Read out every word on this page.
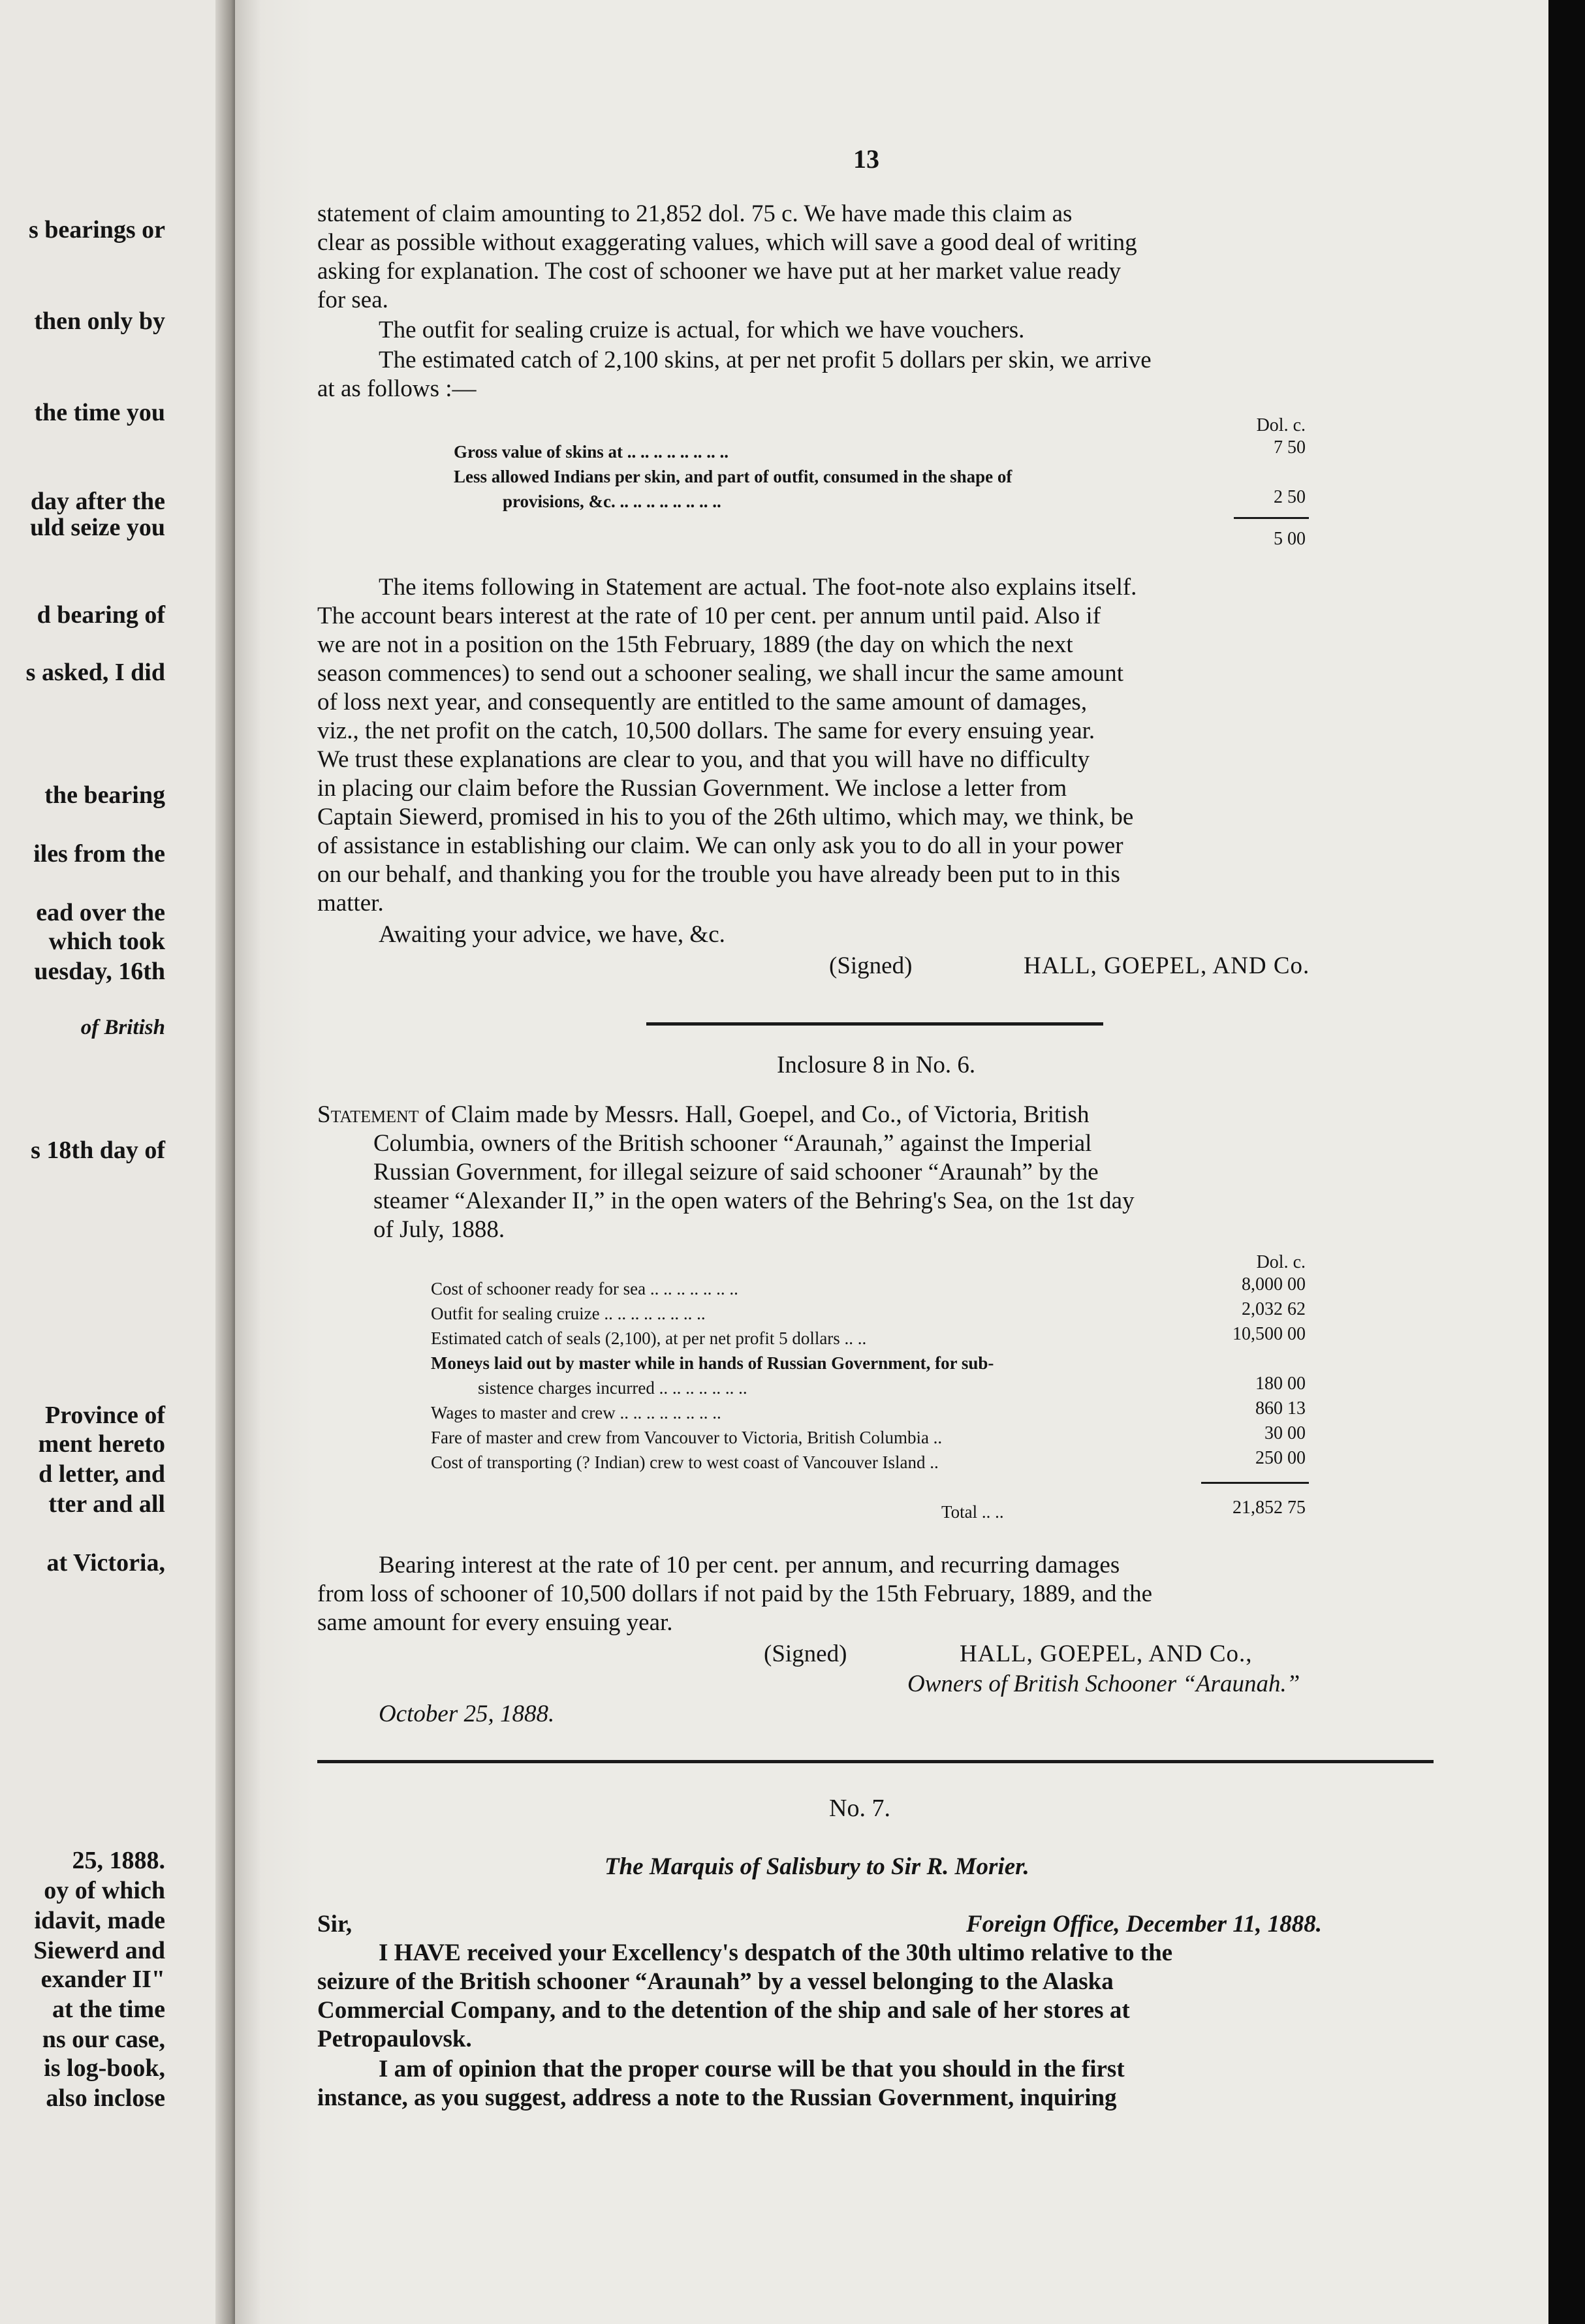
s bearings or
then only by
the time you
day after the
uld seize you
d bearing of
s asked, I did
the bearing
iles from the
ead over the
which took
uesday, 16th
of British
s 18th day of
Province of
ment hereto
d letter, and
tter and all
at Victoria,
25, 1888.
oy of which
idavit, made
Siewerd and
exander II"
at the time
ns our case,
is log-book,
also inclose
13
statement of claim amounting to 21,852 dol. 75 c. We have made this claim as
clear as possible without exaggerating values, which will save a good deal of writing
asking for explanation. The cost of schooner we have put at her market value ready
for sea.
The outfit for sealing cruize is actual, for which we have vouchers.
The estimated catch of 2,100 skins, at per net profit 5 dollars per skin, we arrive
at as follows :—
Dol. c.
Gross value of skins at .. .. .. .. .. .. .. ..	7 50
Less allowed Indians per skin, and part of outfit, consumed in the shape of
provisions, &c. .. .. .. .. .. .. .. ..	2 50
5 00
The items following in Statement are actual. The foot-note also explains itself.
The account bears interest at the rate of 10 per cent. per annum until paid. Also if
we are not in a position on the 15th February, 1889 (the day on which the next
season commences) to send out a schooner sealing, we shall incur the same amount
of loss next year, and consequently are entitled to the same amount of damages,
viz., the net profit on the catch, 10,500 dollars. The same for every ensuing year.
We trust these explanations are clear to you, and that you will have no difficulty
in placing our claim before the Russian Government. We inclose a letter from
Captain Siewerd, promised in his to you of the 26th ultimo, which may, we think, be
of assistance in establishing our claim. We can only ask you to do all in your power
on our behalf, and thanking you for the trouble you have already been put to in this
matter.
Awaiting your advice, we have, &c.
(Signed)	HALL, GOEPEL, AND Co.
Inclosure 8 in No. 6.
Statement of Claim made by Messrs. Hall, Goepel, and Co., of Victoria, British
Columbia, owners of the British schooner “Araunah,” against the Imperial
Russian Government, for illegal seizure of said schooner “Araunah” by the
steamer “Alexander II,” in the open waters of the Behring's Sea, on the 1st day
of July, 1888.
Dol. c.
Cost of schooner ready for sea .. .. .. .. .. .. ..	8,000 00
Outfit for sealing cruize .. .. .. .. .. .. .. ..	2,032 62
Estimated catch of seals (2,100), at per net profit 5 dollars .. ..	10,500 00
Moneys laid out by master while in hands of Russian Government, for sub-
sistence charges incurred .. .. .. .. .. .. ..	180 00
Wages to master and crew .. .. .. .. .. .. .. ..	860 13
Fare of master and crew from Vancouver to Victoria, British Columbia ..	30 00
Cost of transporting (? Indian) crew to west coast of Vancouver Island ..	250 00
Total .. ..	21,852 75
Bearing interest at the rate of 10 per cent. per annum, and recurring damages
from loss of schooner of 10,500 dollars if not paid by the 15th February, 1889, and the
same amount for every ensuing year.
(Signed)	HALL, GOEPEL, AND Co.,
Owners of British Schooner “Araunah.”
October 25, 1888.
No. 7.
The Marquis of Salisbury to Sir R. Morier.
Sir,	Foreign Office, December 11, 1888.
I HAVE received your Excellency's despatch of the 30th ultimo relative to the
seizure of the British schooner “Araunah” by a vessel belonging to the Alaska
Commercial Company, and to the detention of the ship and sale of her stores at
Petropaulovsk.
I am of opinion that the proper course will be that you should in the first
instance, as you suggest, address a note to the Russian Government, inquiring
